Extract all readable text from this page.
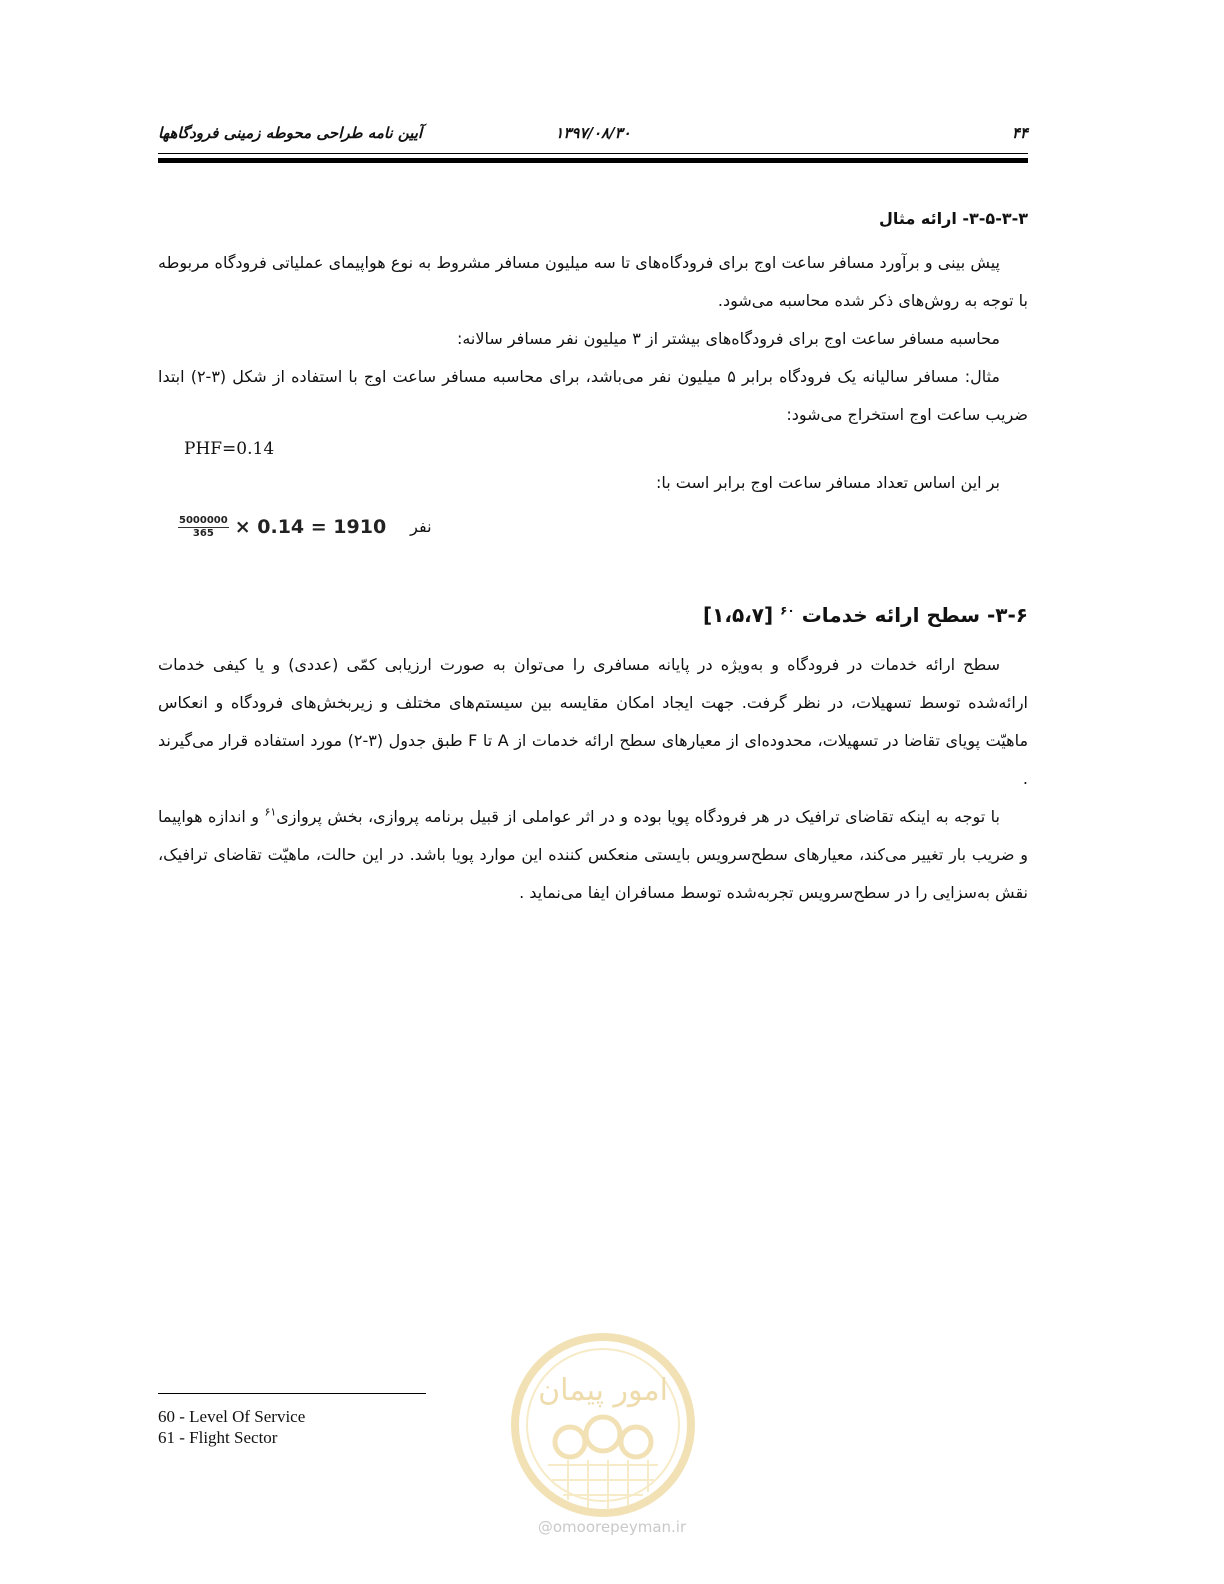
۴۴
۱۳۹۷/۰۸/۳۰
آیین نامه طراحی محوطه زمینی فرودگاهها

۳-۵-۳-۳- ارائه مثال

پیش بینی و برآورد مسافر ساعت اوج برای فرودگاه‌های تا سه میلیون مسافر مشروط به نوع هواپیمای عملیاتی فرودگاه مربوطه با توجه به روش‌های ذکر شده محاسبه می‌شود.

محاسبه مسافر ساعت اوج برای فرودگاه‌های بیشتر از ۳ میلیون نفر مسافر سالانه:

مثال: مسافر سالیانه یک فرودگاه برابر ۵ میلیون نفر می‌باشد، برای محاسبه مسافر ساعت اوج با استفاده از شکل (۳-۲) ابتدا ضریب ساعت اوج استخراج می‌شود:

PHF=0.14

بر این اساس تعداد مسافر ساعت اوج برابر است با:

$\frac{5000000}{365} \times 0.14 = 1910$ نفر

۳-۶- سطح ارائه خدمات $^{۶۰}$ [۱،۵،۷]

سطح ارائه خدمات در فرودگاه و به‌ویژه در پایانه مسافری را می‌توان به صورت ارزیابی کمّی (عددی) و یا کیفی خدمات ارائه‌شده توسط تسهیلات، در نظر گرفت. جهت ایجاد امکان مقایسه بین سیستم‌های مختلف و زیربخش‌های فرودگاه و انعکاس ماهیّت پویای تقاضا در تسهیلات، محدوده‌ای از معیارهای سطح ارائه خدمات از A تا F طبق جدول (۳-۲) مورد استفاده قرار می‌گیرند .

با توجه به اینکه تقاضای ترافیک در هر فرودگاه پویا بوده و در اثر عواملی از قبیل برنامه پروازی، بخش پروازی$^{۶۱}$ و اندازه هواپیما و ضریب بار تغییر می‌کند، معیارهای سطح‌سرویس بایستی منعکس کننده این موارد پویا باشد. در این حالت، ماهیّت تقاضای ترافیک، نقش به‌سزایی را در سطح‌سرویس تجربه‌شده توسط مسافران ایفا می‌نماید .

امور پیمان
@omoorepeyman.ir
60 - Level Of Service
61 - Flight Sector
